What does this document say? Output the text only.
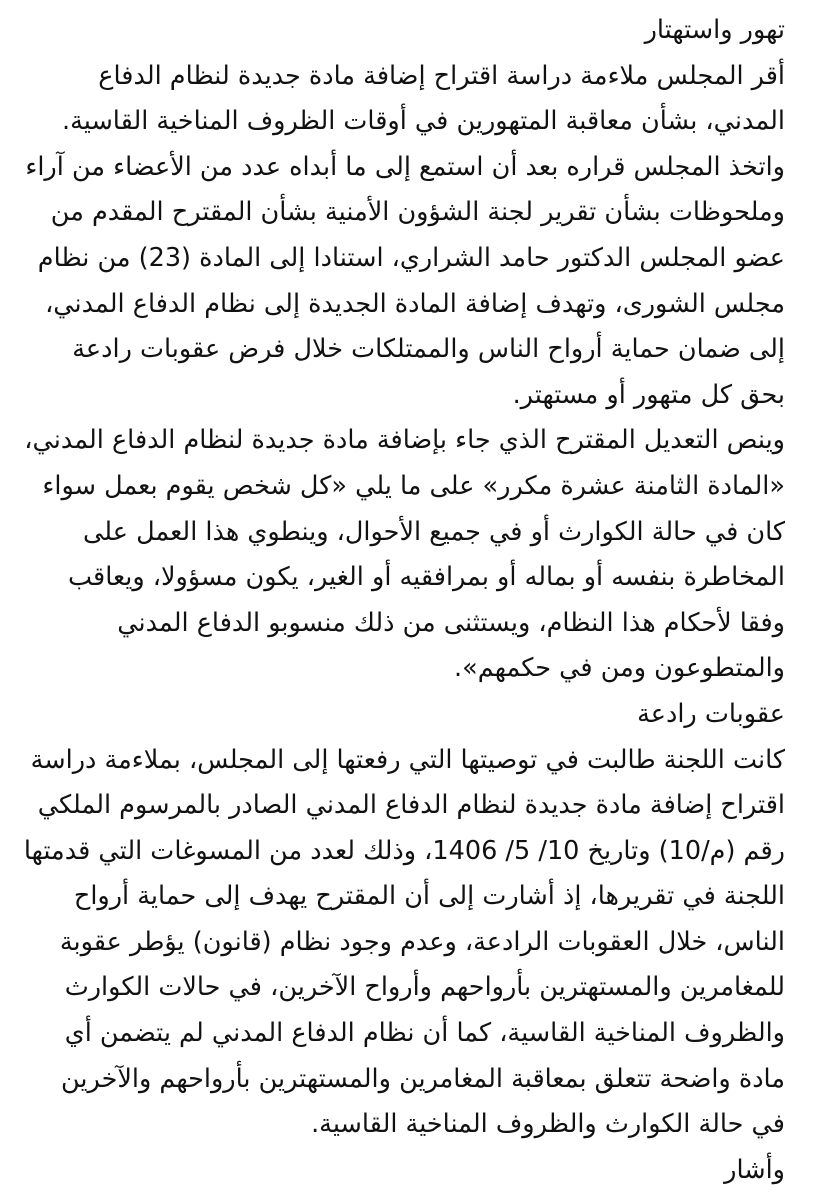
تهور واستهتار

أقر المجلس ملاءمة دراسة اقتراح إضافة مادة جديدة لنظام الدفاع المدني، بشأن معاقبة المتهورين في أوقات الظروف المناخية القاسية.

واتخذ المجلس قراره بعد أن استمع إلى ما أبداه عدد من الأعضاء من آراء وملحوظات بشأن تقرير لجنة الشؤون الأمنية بشأن المقترح المقدم من عضو المجلس الدكتور حامد الشراري، استنادا إلى المادة (23) من نظام مجلس الشورى، وتهدف إضافة المادة الجديدة إلى نظام الدفاع المدني، إلى ضمان حماية أرواح الناس والممتلكات خلال فرض عقوبات رادعة بحق كل متهور أو مستهتر.

وينص التعديل المقترح الذي جاء بإضافة مادة جديدة لنظام الدفاع المدني، «المادة الثامنة عشرة مكرر» على ما يلي «كل شخص يقوم بعمل سواء كان في حالة الكوارث أو في جميع الأحوال، وينطوي هذا العمل على المخاطرة بنفسه أو بماله أو بمرافقيه أو الغير، يكون مسؤولا، ويعاقب وفقا لأحكام هذا النظام، ويستثنى من ذلك منسوبو الدفاع المدني والمتطوعون ومن في حكمهم».

عقوبات رادعة

كانت اللجنة طالبت في توصيتها التي رفعتها إلى المجلس، بملاءمة دراسة اقتراح إضافة مادة جديدة لنظام الدفاع المدني الصادر بالمرسوم الملكي رقم (م/10) وتاريخ 10/ 5/ 1406، وذلك لعدد من المسوغات التي قدمتها اللجنة في تقريرها، إذ أشارت إلى أن المقترح يهدف إلى حماية أرواح الناس، خلال العقوبات الرادعة، وعدم وجود نظام (قانون) يؤطر عقوبة للمغامرين والمستهترين بأرواحهم وأرواح الآخرين، في حالات الكوارث والظروف المناخية القاسية، كما أن نظام الدفاع المدني لم يتضمن أي مادة واضحة تتعلق بمعاقبة المغامرين والمستهترين بأرواحهم والآخرين في حالة الكوارث والظروف المناخية القاسية.

وأشار
